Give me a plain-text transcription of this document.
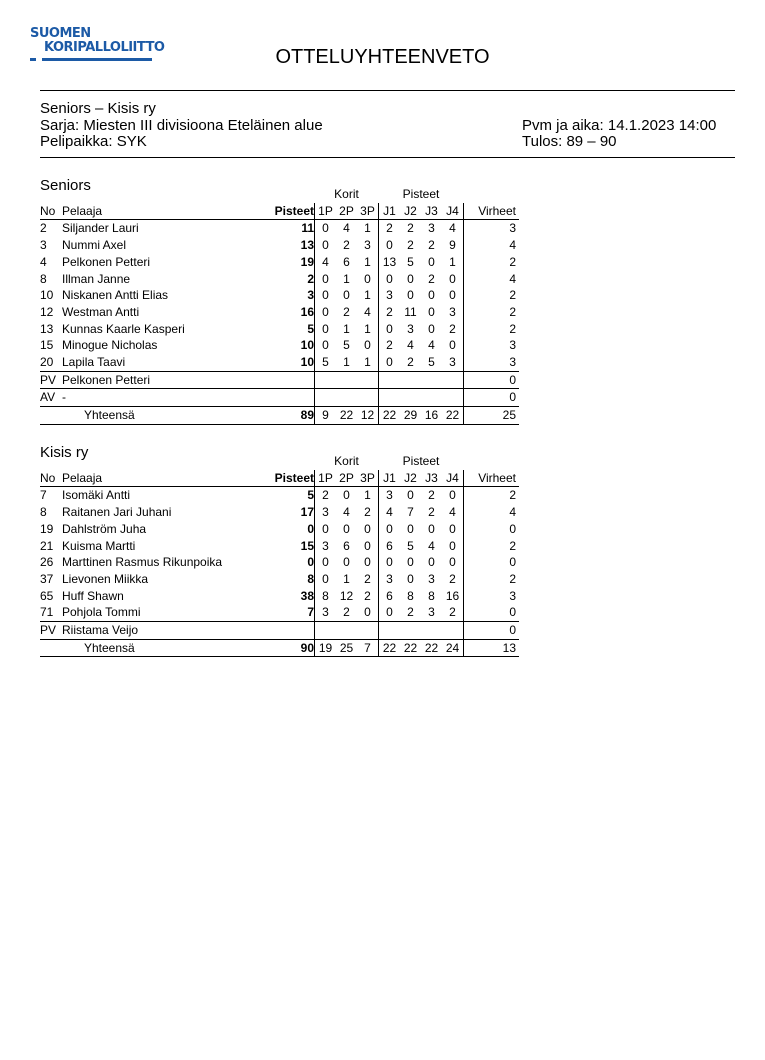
SUOMEN
KORIPALLOLIITTO	OTTELUYHTEENVETO
Seniors – Kisis ry
Sarja: Miesten III divisioona Eteläinen alue
Pelipaikka: SYK
Pvm ja aika: 14.1.2023 14:00
Tulos: 89 – 90
Seniors
				Korit			Pisteet				
No	Pelaaja	Pisteet	1P	2P	3P	J1	J2	J3	J4	Virheet
2	Siljander Lauri	11	0	4	1	2	2	3	4	3
3	Nummi Axel	13	0	2	3	0	2	2	9	4
4	Pelkonen Petteri	19	4	6	1	13	5	0	1	2
8	Illman Janne	2	0	1	0	0	0	2	0	4
10	Niskanen Antti Elias	3	0	0	1	3	0	0	0	2
12	Westman Antti	16	0	2	4	2	11	0	3	2
13	Kunnas Kaarle Kasperi	5	0	1	1	0	3	0	2	2
15	Minogue Nicholas	10	0	5	0	2	4	4	0	3
20	Lapila Taavi	10	5	1	1	0	2	5	3	3
PV	Pelkonen Petteri									0
AV	-									0
	Yhteensä	89	9	22	12	22	29	16	22	25
Kisis ry
				Korit			Pisteet				
No	Pelaaja	Pisteet	1P	2P	3P	J1	J2	J3	J4	Virheet
7	Isomäki Antti	5	2	0	1	3	0	2	0	2
8	Raitanen Jari Juhani	17	3	4	2	4	7	2	4	4
19	Dahlström Juha	0	0	0	0	0	0	0	0	0
21	Kuisma Martti	15	3	6	0	6	5	4	0	2
26	Marttinen Rasmus Rikunpoika	0	0	0	0	0	0	0	0	0
37	Lievonen Miikka	8	0	1	2	3	0	3	2	2
65	Huff Shawn	38	8	12	2	6	8	8	16	3
71	Pohjola Tommi	7	3	2	0	0	2	3	2	0
PV	Riistama Veijo									0
	Yhteensä	90	19	25	7	22	22	22	24	13
